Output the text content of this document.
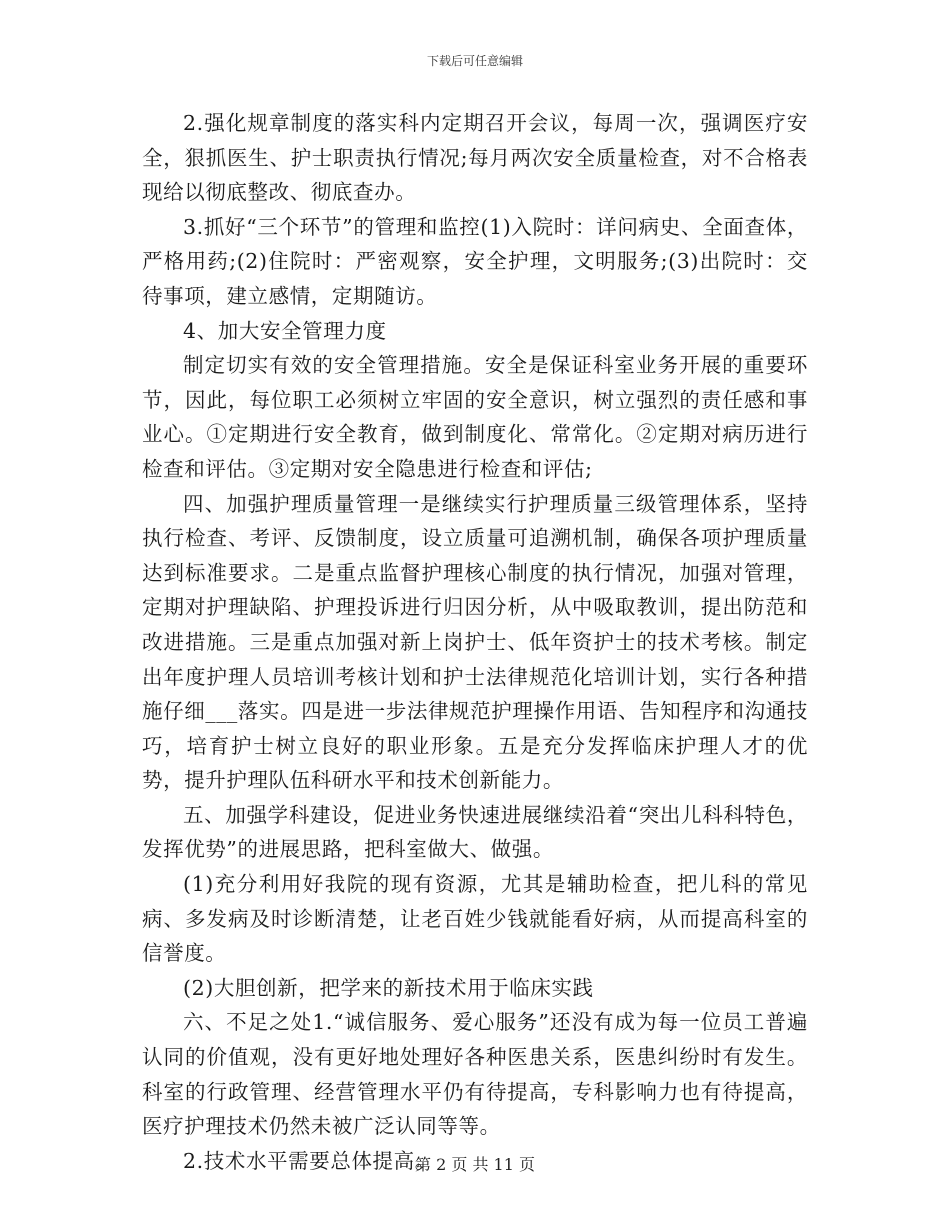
下载后可任意编辑

2.强化规章制度的落实科内定期召开会议，每周一次，强调医疗安全，狠抓医生、护士职责执行情况;每月两次安全质量检查，对不合格表现给以彻底整改、彻底查办。

3.抓好“三个环节”的管理和监控(1)入院时：详问病史、全面查体，严格用药;(2)住院时：严密观察，安全护理，文明服务;(3)出院时：交待事项，建立感情，定期随访。

4、加大安全管理力度

制定切实有效的安全管理措施。安全是保证科室业务开展的重要环节，因此，每位职工必须树立牢固的安全意识，树立强烈的责任感和事业心。①定期进行安全教育，做到制度化、常常化。②定期对病历进行检查和评估。③定期对安全隐患进行检查和评估;

四、加强护理质量管理一是继续实行护理质量三级管理体系，坚持执行检查、考评、反馈制度，设立质量可追溯机制，确保各项护理质量达到标准要求。二是重点监督护理核心制度的执行情况，加强对管理，定期对护理缺陷、护理投诉进行归因分析，从中吸取教训，提出防范和改进措施。三是重点加强对新上岗护士、低年资护士的技术考核。制定出年度护理人员培训考核计划和护士法律规范化培训计划，实行各种措施仔细___落实。四是进一步法律规范护理操作用语、告知程序和沟通技巧，培育护士树立良好的职业形象。五是充分发挥临床护理人才的优势，提升护理队伍科研水平和技术创新能力。

五、加强学科建设，促进业务快速进展继续沿着“突出儿科科特色，发挥优势”的进展思路，把科室做大、做强。

(1)充分利用好我院的现有资源，尤其是辅助检查，把儿科的常见病、多发病及时诊断清楚，让老百姓少钱就能看好病，从而提高科室的信誉度。

(2)大胆创新，把学来的新技术用于临床实践

六、不足之处1.“诚信服务、爱心服务”还没有成为每一位员工普遍认同的价值观，没有更好地处理好各种医患关系，医患纠纷时有发生。科室的行政管理、经营管理水平仍有待提高，专科影响力也有待提高，医疗护理技术仍然未被广泛认同等等。

2.技术水平需要总体提高。

第 2 页 共 11 页
